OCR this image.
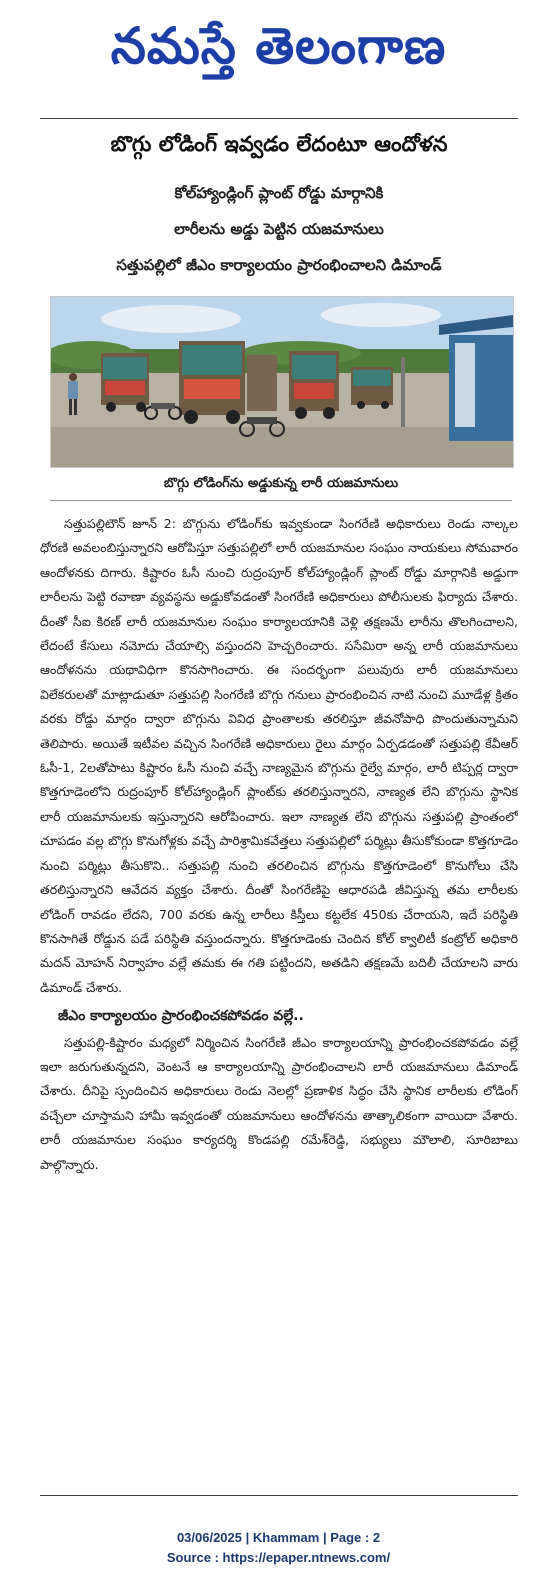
నమస్తే తెలంగాణ
బొగ్గు లోడింగ్ ఇవ్వడం లేదంటూ ఆందోళన
కోల్‌హ్యాండ్లింగ్ ప్లాంట్ రోడ్డు మార్గానికి
లారీలను అడ్డు పెట్టిన యజమానులు
సత్తుపల్లిలో జీఎం కార్యాలయం ప్రారంభించాలని డిమాండ్
బొగ్గు లోడింగ్‌ను అడ్డుకున్న లారీ యజమానులు

సత్తుపల్లిటౌన్ జూన్ 2: బొగ్గును లోడింగ్‌కు ఇవ్వకుండా సింగరేణి అధికారులు రెండు నాల్కల ధోరణి అవలంబిస్తున్నారని ఆరోపిస్తూ సత్తుపల్లిలో లారీ యజమానుల సంఘం నాయకులు సోమవారం ఆందోళనకు దిగారు. కిష్టారం ఓసీ నుంచి రుద్రంపూర్ కోల్‌హ్యాండ్లింగ్ ప్లాంట్ రోడ్డు మార్గానికి అడ్డుగా లారీలను పెట్టి రవాణా వ్యవస్థను అడ్డుకోవడంతో సింగరేణి అధికారులు పోలీసులకు ఫిర్యాదు చేశారు. దీంతో సీఐ కిరణ్ లారీ యజమానుల సంఘం కార్యాలయానికి వెళ్లి తక్షణమే లారీను తొలగించాలని, లేదంటే కేసులు నమోదు చేయాల్సి వస్తుందని హెచ్చరించారు. ససేమిరా అన్న లారీ యజమానులు ఆందోళనను యథావిధిగా కొనసాగించారు. ఈ సందర్భంగా పలువురు లారీ యజమానులు విలేకరులతో మాట్లాడుతూ సత్తుపల్లి సింగరేణి బొగ్గు గనులు ప్రారంభించిన నాటి నుంచి మూడేళ్ల క్రితం వరకు రోడ్డు మార్గం ద్వారా బొగ్గును వివిధ ప్రాంతాలకు తరలిస్తూ జీవనోపాధి పొందుతున్నామని తెలిపారు. అయితే ఇటీవల వచ్చిన సింగరేణి అధికారులు రైలు మార్గం ఏర్పడడంతో సత్తుపల్లి కేవీఆర్ ఓసీ-1, 2లతోపాటు కిష్టారం ఓసీ నుంచి వచ్చే నాణ్యమైన బొగ్గును రైల్వే మార్గం, లారీ టిప్పర్ల ద్వారా కొత్తగూడెంలోని రుద్రంపూర్ కోల్‌హ్యాండ్లింగ్ ప్లాంట్‌కు తరలిస్తున్నారని, నాణ్యత లేని బొగ్గును స్థానిక లారీ యజమానులకు ఇస్తున్నారని ఆరోపించారు. ఇలా నాణ్యత లేని బొగ్గును సత్తుపల్లి ప్రాంతంలో చూపడం వల్ల బొగ్గు కొనుగోళ్లకు వచ్చే పారిశ్రామికవేత్తలు సత్తుపల్లిలో పర్మిట్లు తీసుకోకుండా కొత్తగూడెం నుంచి పర్మిట్లు తీసుకొని.. సత్తుపల్లి నుంచి తరలించిన బొగ్గును కొత్తగూడెంలో కొనుగోలు చేసి తరలిస్తున్నారని ఆవేదన వ్యక్తం చేశారు. దీంతో సింగరేణిపై ఆధారపడి జీవిస్తున్న తమ లారీలకు లోడింగ్ రావడం లేదని, 700 వరకు ఉన్న లారీలు కిస్తీలు కట్టలేక 450కు చేరాయని, ఇదే పరిస్థితి కొనసాగితే రోడ్డున పడే పరిస్థితి వస్తుందన్నారు. కొత్తగూడెంకు చెందిన కోల్ క్వాలిటీ కంట్రోల్ అధికారి మదన్ మోహన్ నిర్వాహం వల్లే తమకు ఈ గతి పట్టిందని, అతడిని తక్షణమే బదిలీ చేయాలని వారు డిమాండ్ చేశారు.

జీఎం కార్యాలయం ప్రారంభించకపోవడం వల్లే..

సత్తుపల్లి-కిష్టారం మధ్యలో నిర్మించిన సింగరేణి జీఎం కార్యాలయాన్ని ప్రారంభించకపోవడం వల్లే ఇలా జరుగుతున్నదని, వెంటనే ఆ కార్యాలయాన్ని ప్రారంభించాలని లారీ యజమానులు డిమాండ్ చేశారు. దీనిపై స్పందించిన అధికారులు రెండు నెలల్లో ప్రణాళిక సిద్ధం చేసి స్థానిక లారీలకు లోడింగ్ వచ్చేలా చూస్తామని హామీ ఇవ్వడంతో యజమానులు ఆందోళనను తాత్కాలికంగా వాయిదా వేశారు. లారీ యజమానుల సంఘం కార్యదర్శి కొండపల్లి రమేశ్‌రెడ్డి, సభ్యులు మౌలాలి, సూరిబాబు పాల్గొన్నారు.

03/06/2025 | Khammam | Page : 2
Source : https://epaper.ntnews.com/
